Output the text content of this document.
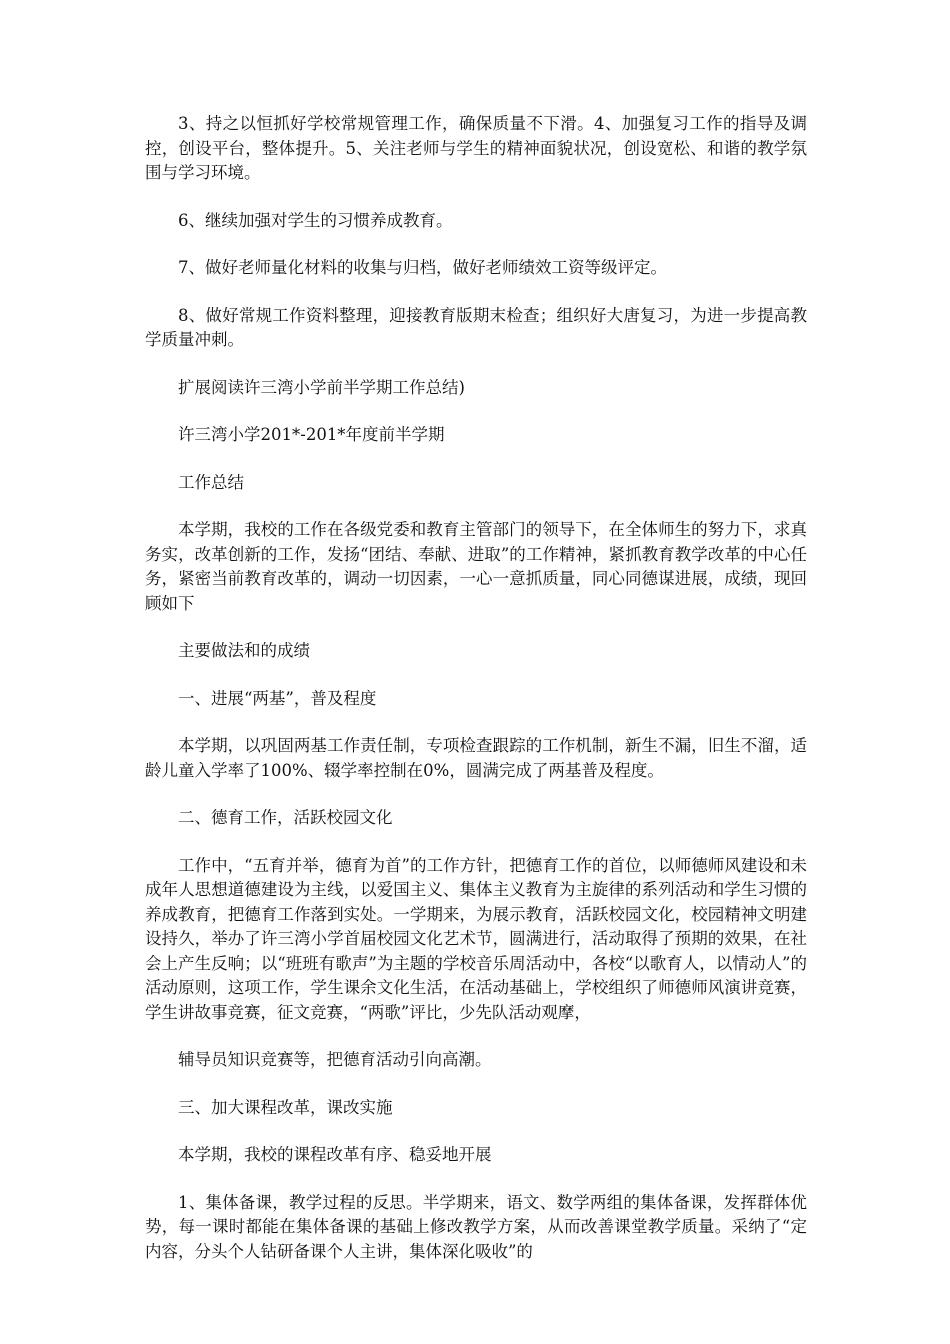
3、持之以恒抓好学校常规管理工作，确保质量不下滑。4、加强复习工作的指导及调控，创设平台，整体提升。5、关注老师与学生的精神面貌状况，创设宽松、和谐的教学氛围与学习环境。

6、继续加强对学生的习惯养成教育。

7、做好老师量化材料的收集与归档，做好老师绩效工资等级评定。

8、做好常规工作资料整理，迎接教育版期末检查；组织好大唐复习，为进一步提高教学质量冲刺。

扩展阅读许三湾小学前半学期工作总结)

许三湾小学201*-201*年度前半学期

工作总结

本学期，我校的工作在各级党委和教育主管部门的领导下，在全体师生的努力下，求真务实，改革创新的工作，发扬“团结、奉献、进取”的工作精神，紧抓教育教学改革的中心任务，紧密当前教育改革的，调动一切因素，一心一意抓质量，同心同德谋进展，成绩，现回顾如下

主要做法和的成绩

一、进展“两基”，普及程度

本学期，以巩固两基工作责任制，专项检查跟踪的工作机制，新生不漏，旧生不溜，适龄儿童入学率了100%、辍学率控制在0%，圆满完成了两基普及程度。

二、德育工作，活跃校园文化

工作中，“五育并举，德育为首”的工作方针，把德育工作的首位，以师德师风建设和未成年人思想道德建设为主线，以爱国主义、集体主义教育为主旋律的系列活动和学生习惯的养成教育，把德育工作落到实处。一学期来，为展示教育，活跃校园文化，校园精神文明建设持久，举办了许三湾小学首届校园文化艺术节，圆满进行，活动取得了预期的效果，在社会上产生反响；以“班班有歌声”为主题的学校音乐周活动中，各校“以歌育人，以情动人”的活动原则，这项工作，学生课余文化生活，在活动基础上，学校组织了师德师风演讲竞赛，学生讲故事竞赛，征文竞赛，“两歌”评比，少先队活动观摩，

辅导员知识竞赛等，把德育活动引向高潮。

三、加大课程改革，课改实施

本学期，我校的课程改革有序、稳妥地开展

1、集体备课，教学过程的反思。半学期来，语文、数学两组的集体备课，发挥群体优势，每一课时都能在集体备课的基础上修改教学方案，从而改善课堂教学质量。采纳了“定内容，分头个人钻研备课个人主讲，集体深化吸收”的
